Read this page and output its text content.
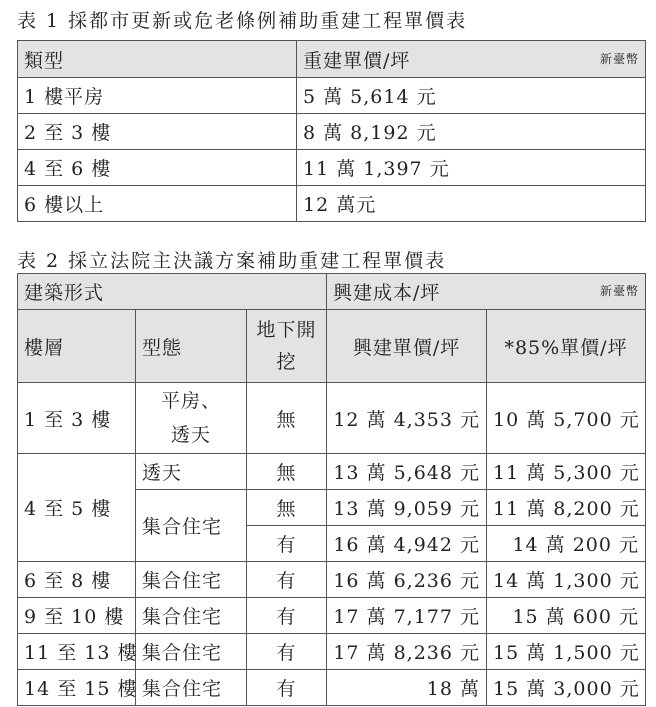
表 1 採都市更新或危老條例補助重建工程單價表
類型	重建單價/坪 新臺幣

1 樓平房	5 萬 5,614 元
2 至 3 樓	8 萬 8,192 元
4 至 6 樓	11 萬 1,397 元
6 樓以上	12 萬元
表 2 採立法院主決議方案補助重建工程單價表
建築形式			興建成本/坪 新臺幣	

樓層	型態	地下開挖	興建單價/坪	*85%單價/坪
1 至 3 樓	平房、透天	無	12 萬 4,353 元	10 萬 5,700 元
4 至 5 樓	透天	無	13 萬 5,648 元	11 萬 5,300 元
	集合住宅	無	13 萬 9,059 元	11 萬 8,200 元
		有	16 萬 4,942 元	14 萬 200 元
6 至 8 樓	集合住宅	有	16 萬 6,236 元	14 萬 1,300 元
9 至 10 樓	集合住宅	有	17 萬 7,177 元	15 萬 600 元
11 至 13 樓	集合住宅	有	17 萬 8,236 元	15 萬 1,500 元
14 至 15 樓	集合住宅	有	18 萬	15 萬 3,000 元
